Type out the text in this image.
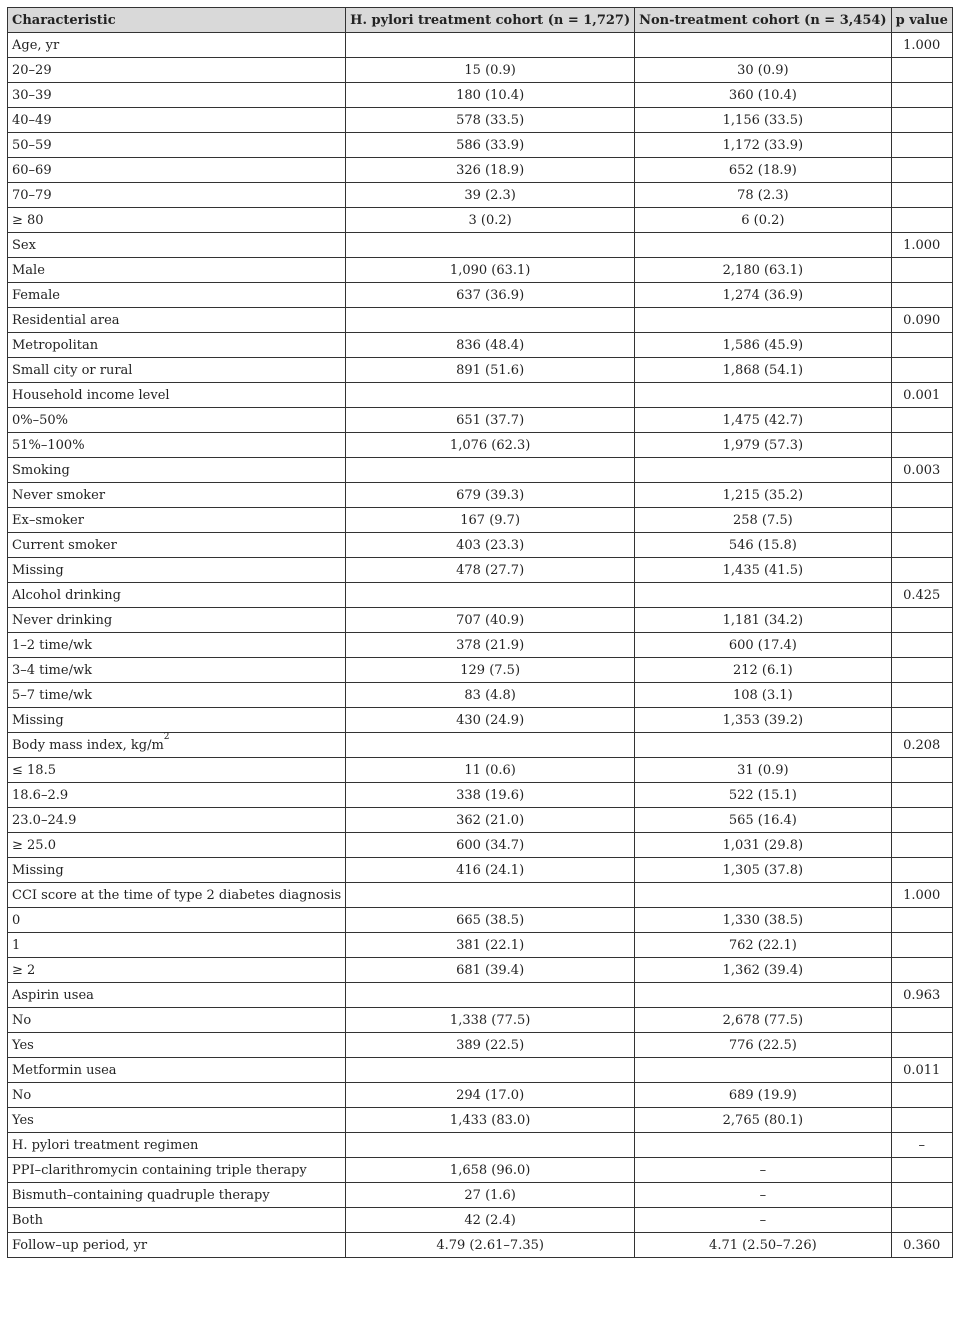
Characteristic	H. pylori treatment cohort (n = 1,727)	Non-treatment cohort (n = 3,454)	p value
Age, yr			1.000
20–29	15 (0.9)	30 (0.9)	
30–39	180 (10.4)	360 (10.4)	
40–49	578 (33.5)	1,156 (33.5)	
50–59	586 (33.9)	1,172 (33.9)	
60–69	326 (18.9)	652 (18.9)	
70–79	39 (2.3)	78 (2.3)	
≥ 80	3 (0.2)	6 (0.2)	
Sex			1.000
Male	1,090 (63.1)	2,180 (63.1)	
Female	637 (36.9)	1,274 (36.9)	
Residential area			0.090
Metropolitan	836 (48.4)	1,586 (45.9)	
Small city or rural	891 (51.6)	1,868 (54.1)	
Household income level			0.001
0%–50%	651 (37.7)	1,475 (42.7)	
51%–100%	1,076 (62.3)	1,979 (57.3)	
Smoking			0.003
Never smoker	679 (39.3)	1,215 (35.2)	
Ex–smoker	167 (9.7)	258 (7.5)	
Current smoker	403 (23.3)	546 (15.8)	
Missing	478 (27.7)	1,435 (41.5)	
Alcohol drinking			0.425
Never drinking	707 (40.9)	1,181 (34.2)	
1–2 time/wk	378 (21.9)	600 (17.4)	
3–4 time/wk	129 (7.5)	212 (6.1)	
5–7 time/wk	83 (4.8)	108 (3.1)	
Missing	430 (24.9)	1,353 (39.2)	
Body mass index, $kg/m^2$			0.208
≤ 18.5	11 (0.6)	31 (0.9)	
18.6–2.9	338 (19.6)	522 (15.1)	
23.0–24.9	362 (21.0)	565 (16.4)	
≥ 25.0	600 (34.7)	1,031 (29.8)	
Missing	416 (24.1)	1,305 (37.8)	
CCI score at the time of type 2 diabetes diagnosis			1.000
0	665 (38.5)	1,330 (38.5)	
1	381 (22.1)	762 (22.1)	
≥ 2	681 (39.4)	1,362 (39.4)	
Aspirin usea			0.963
No	1,338 (77.5)	2,678 (77.5)	
Yes	389 (22.5)	776 (22.5)	
Metformin usea			0.011
No	294 (17.0)	689 (19.9)	
Yes	1,433 (83.0)	2,765 (80.1)	
H. pylori treatment regimen			–
PPI–clarithromycin containing triple therapy	1,658 (96.0)	–	
Bismuth–containing quadruple therapy	27 (1.6)	–	
Both	42 (2.4)	–	
Follow–up period, yr	4.79 (2.61–7.35)	4.71 (2.50–7.26)	0.360
